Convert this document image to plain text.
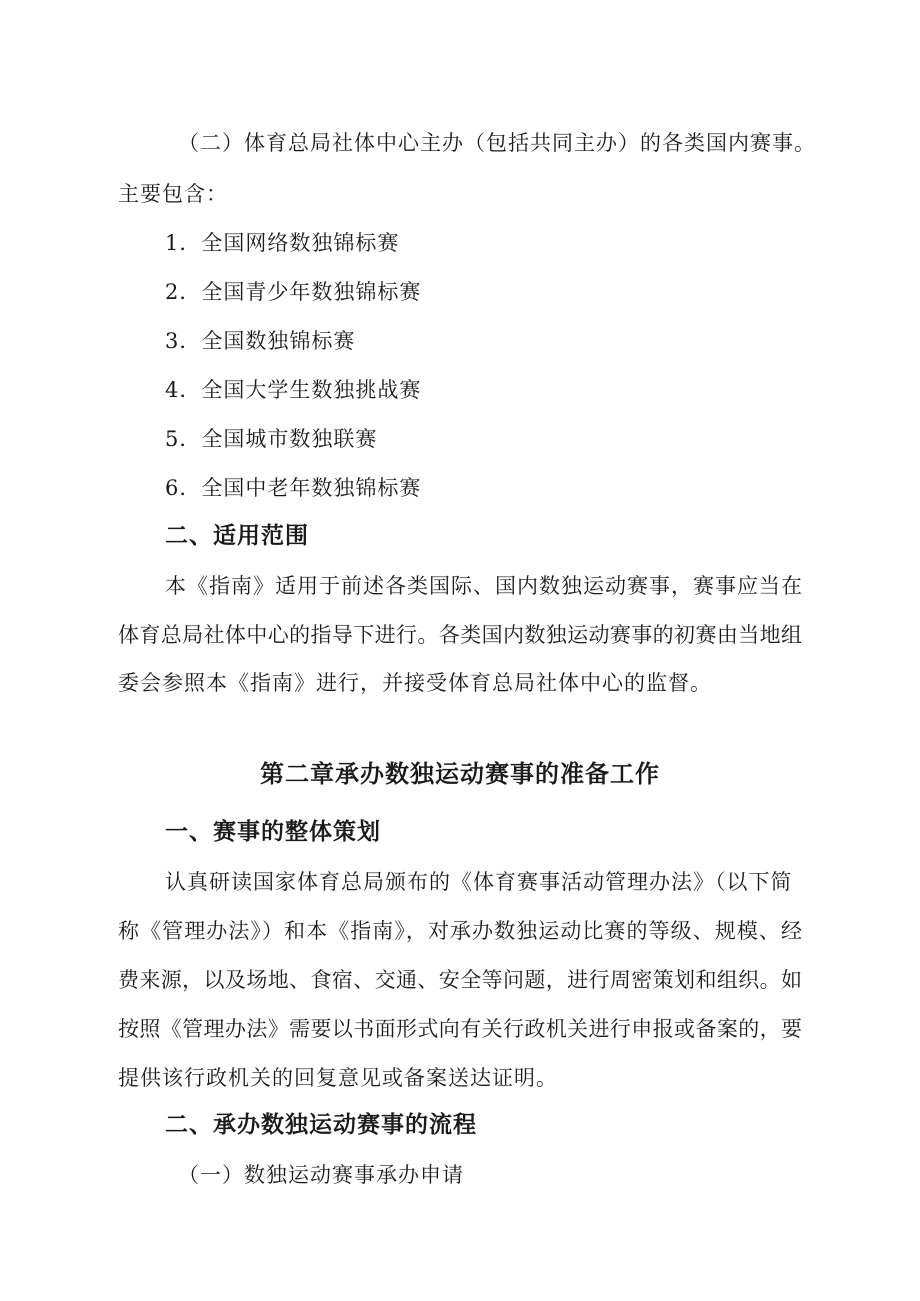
（二）体育总局社体中心主办（包括共同主办）的各类国内赛事。
主要包含：
1．全国网络数独锦标赛
2．全国青少年数独锦标赛
3．全国数独锦标赛
4．全国大学生数独挑战赛
5．全国城市数独联赛
6．全国中老年数独锦标赛
二、适用范围
本《指南》适用于前述各类国际、国内数独运动赛事，赛事应当在
体育总局社体中心的指导下进行。各类国内数独运动赛事的初赛由当地组
委会参照本《指南》进行，并接受体育总局社体中心的监督。
第二章承办数独运动赛事的准备工作
一、赛事的整体策划
认真研读国家体育总局颁布的《体育赛事活动管理办法》（以下简
称《管理办法》）和本《指南》，对承办数独运动比赛的等级、规模、经
费来源，以及场地、食宿、交通、安全等问题，进行周密策划和组织。如
按照《管理办法》需要以书面形式向有关行政机关进行申报或备案的，要
提供该行政机关的回复意见或备案送达证明。
二、承办数独运动赛事的流程
（一）数独运动赛事承办申请
